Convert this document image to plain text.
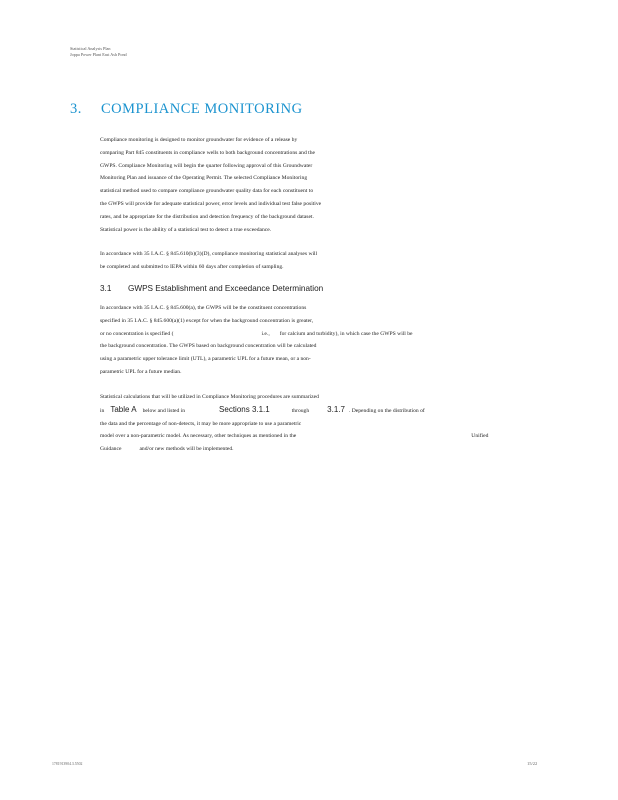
Statistical Analysis Plan
Joppa Power Plant East Ash Pond
3. COMPLIANCE MONITORING
Compliance monitoring is designed to monitor groundwater for evidence of a release by
comparing Part 845 constituents in compliance wells to both background concentrations and the
GWPS. Compliance Monitoring will begin the quarter following approval of this Groundwater
Monitoring Plan and issuance of the Operating Permit. The selected Compliance Monitoring
statistical method used to compare compliance groundwater quality data for each constituent to
the GWPS will provide for adequate statistical power, error levels and individual test false positive
rates, and be appropriate for the distribution and detection frequency of the background dataset.
Statistical power is the ability of a statistical test to detect a true exceedance.
In accordance with 35 I.A.C. § 845.610(b)(3)(D), compliance monitoring statistical analyses will
be completed and submitted to IEPA within 60 days after completion of sampling.
3.1 GWPS Establishment and Exceedance Determination
In accordance with 35 I.A.C. § 845.600(a), the GWPS will be the constituent concentrations
specified in 35 I.A.C. § 845.600(a)(1) except for when the background concentration is greater,
or no concentration is specified (	i.e., for calcium and turbidity), in which case the GWPS will be
the background concentration. The GWPS based on background concentration will be calculated
using a parametric upper tolerance limit (UTL), a parametric UPL for a future mean, or a non-
parametric UPL for a future median.
Statistical calculations that will be utilized in Compliance Monitoring procedures are summarized
in Table A below and listed in	Sections 3.1.1	through 3.1.7 . Depending on the distribution of
the data and the percentage of non-detects, it may be more appropriate to use a parametric
model over a non-parametric model. As necessary, other techniques as mentioned in the	Unified
Guidance	and/or new methods will be implemented.
1781913904.3.5502	15/22
